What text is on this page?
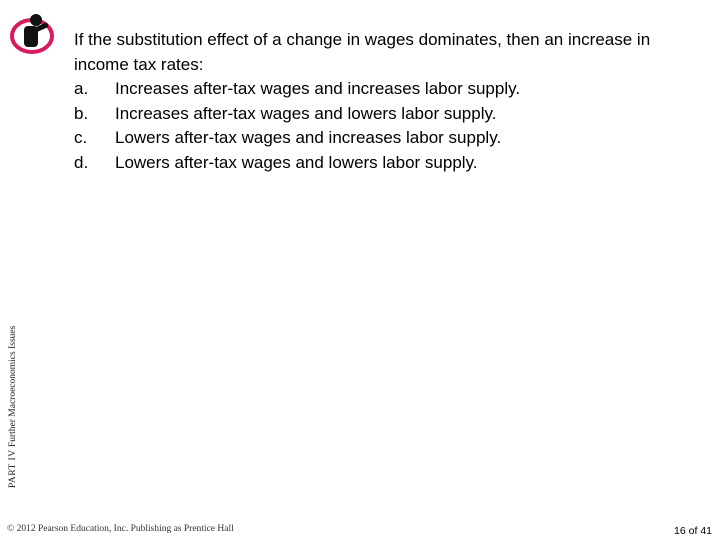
If the substitution effect of a change in wages dominates, then an increase in income tax rates:

a.	Increases after-tax wages and increases labor supply.
b.	Increases after-tax wages and lowers labor supply.
c.	Lowers after-tax wages and increases labor supply.
d.	Lowers after-tax wages and lowers labor supply.
PART IV Further Macroeconomics Issues
© 2012 Pearson Education, Inc. Publishing as Prentice Hall	16 of 41
